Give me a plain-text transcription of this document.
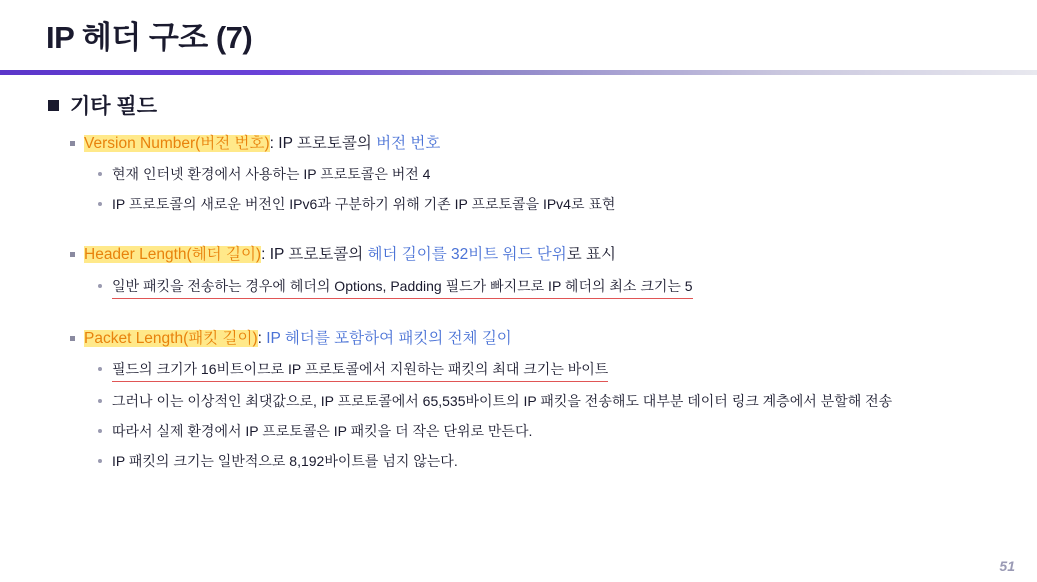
IP 헤더 구조 (7)
기타 필드
Version Number(버전 번호): IP 프로토콜의 버전 번호
현재 인터넷 환경에서 사용하는 IP 프로토콜은 버전 4
IP 프로토콜의 새로운 버전인 IPv6과 구분하기 위해 기존 IP 프로토콜을 IPv4로 표현
Header Length(헤더 길이): IP 프로토콜의 헤더 길이를 32비트 워드 단위로 표시
일반 패킷을 전송하는 경우에 헤더의 Options, Padding 필드가 빠지므로 IP 헤더의 최소 크기는 5
Packet Length(패킷 길이): IP 헤더를 포함하여 패킷의 전체 길이
필드의 크기가 16비트이므로 IP 프로토콜에서 지원하는 패킷의 최대 크기는 바이트
그러나 이는 이상적인 최댓값으로, IP 프로토콜에서 65,535바이트의 IP 패킷을 전송해도 대부분 데이터 링크 계층에서 분할해 전송
따라서 실제 환경에서 IP 프로토콜은 IP 패킷을 더 작은 단위로 만든다.
IP 패킷의 크기는 일반적으로 8,192바이트를 넘지 않는다.
51
